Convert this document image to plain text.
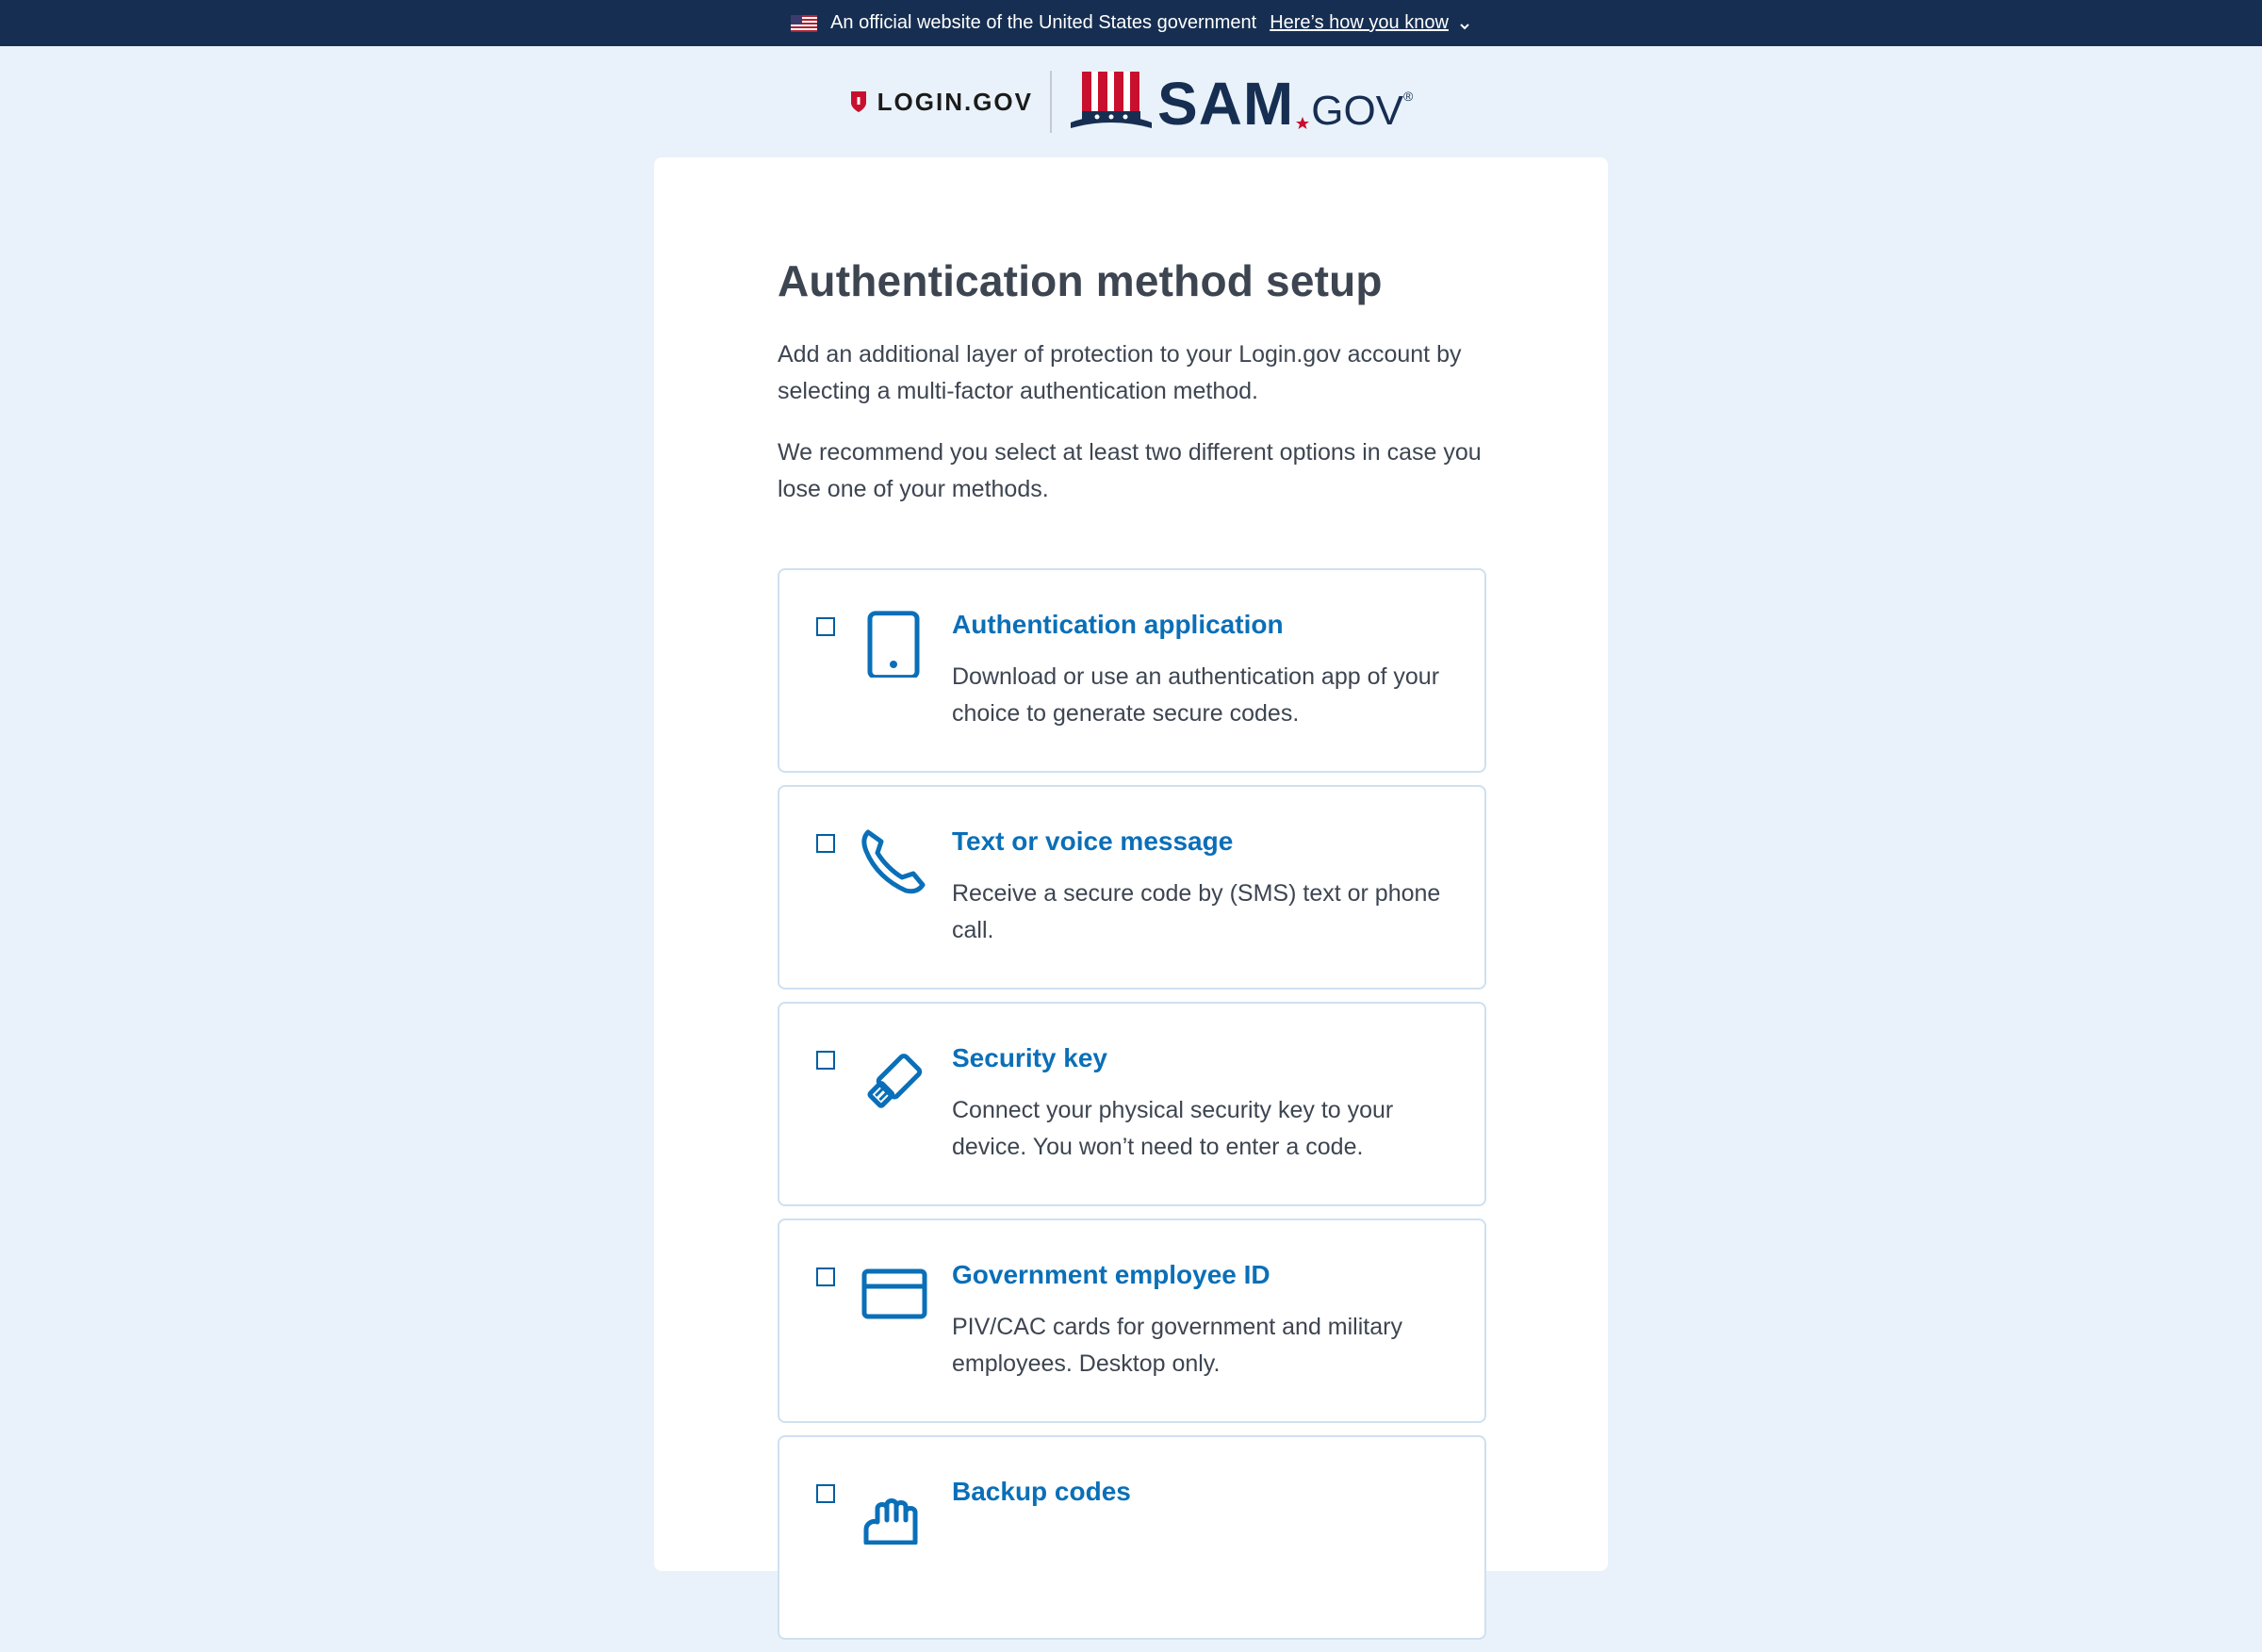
An official website of the United States government Here’s how you know
LOGIN.GOV SAM GOV ®
Authentication method setup

Add an additional layer of protection to your Login.gov account by selecting a multi-factor authentication method.

We recommend you select at least two different options in case you lose one of your methods.

Authentication application
Download or use an authentication app of your choice to generate secure codes.
Text or voice message
Receive a secure code by (SMS) text or phone call.
Security key
Connect your physical security key to your device. You won’t need to enter a code.
Government employee ID
PIV/CAC cards for government and military employees. Desktop only.
Backup codes
